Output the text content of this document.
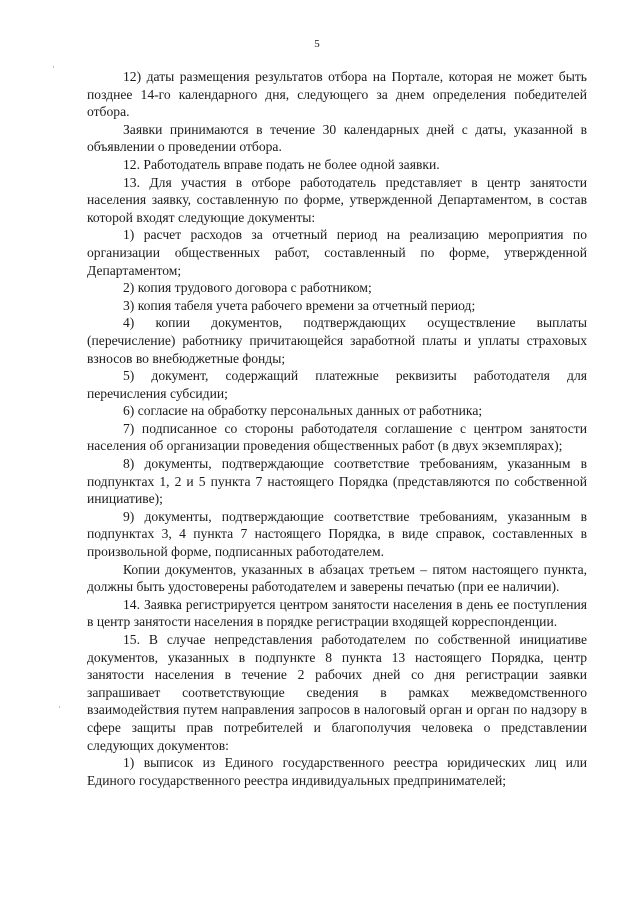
5

12) даты размещения результатов отбора на Портале, которая не может быть позднее 14-го календарного дня, следующего за днем определения победителей отбора.

Заявки принимаются в течение 30 календарных дней с даты, указанной в объявлении о проведении отбора.

12. Работодатель вправе подать не более одной заявки.

13. Для участия в отборе работодатель представляет в центр занятости населения заявку, составленную по форме, утвержденной Департаментом, в состав которой входят следующие документы:

1) расчет расходов за отчетный период на реализацию мероприятия по организации общественных работ, составленный по форме, утвержденной Департаментом;

2) копия трудового договора с работником;

3) копия табеля учета рабочего времени за отчетный период;

4) копии документов, подтверждающих осуществление выплаты (перечисление) работнику причитающейся заработной платы и уплаты страховых взносов во внебюджетные фонды;

5) документ, содержащий платежные реквизиты работодателя для перечисления субсидии;

6) согласие на обработку персональных данных от работника;

7) подписанное со стороны работодателя соглашение с центром занятости населения об организации проведения общественных работ (в двух экземплярах);

8) документы, подтверждающие соответствие требованиям, указанным в подпунктах 1, 2 и 5 пункта 7 настоящего Порядка (представляются по собственной инициативе);

9) документы, подтверждающие соответствие требованиям, указанным в подпунктах 3, 4 пункта 7 настоящего Порядка, в виде справок, составленных в произвольной форме, подписанных работодателем.

Копии документов, указанных в абзацах третьем – пятом настоящего пункта, должны быть удостоверены работодателем и заверены печатью (при ее наличии).

14. Заявка регистрируется центром занятости населения в день ее поступления в центр занятости населения в порядке регистрации входящей корреспонденции.

15. В случае непредставления работодателем по собственной инициативе документов, указанных в подпункте 8 пункта 13 настоящего Порядка, центр занятости населения в течение 2 рабочих дней со дня регистрации заявки запрашивает соответствующие сведения в рамках межведомственного взаимодействия путем направления запросов в налоговый орган и орган по надзору в сфере защиты прав потребителей и благополучия человека о представлении следующих документов:

1) выписок из Единого государственного реестра юридических лиц или Единого государственного реестра индивидуальных предпринимателей;

·
·
